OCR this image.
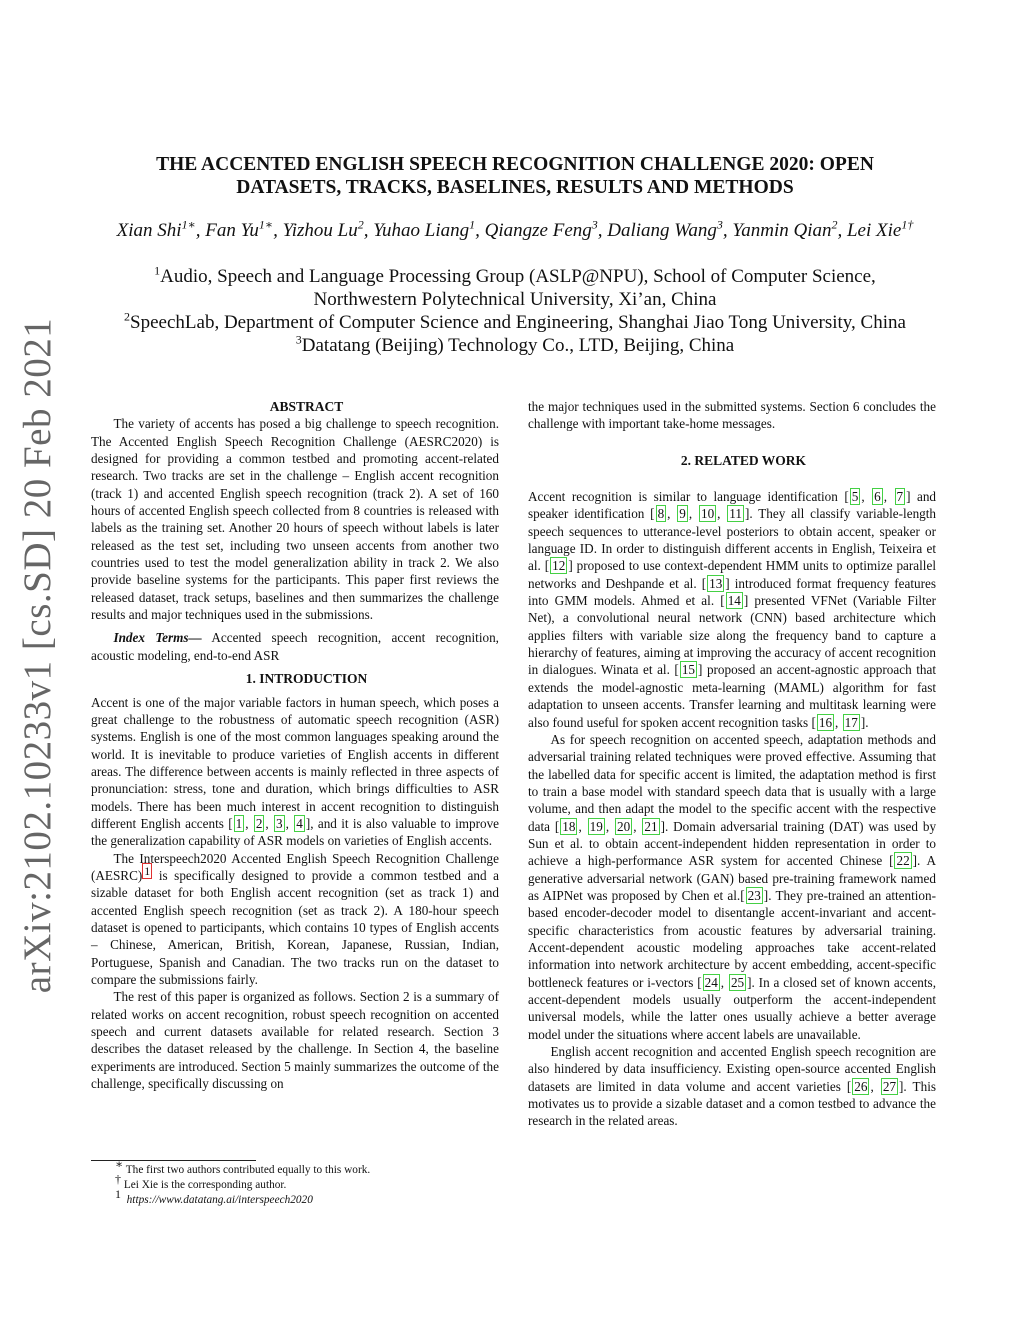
arXiv:2102.10233v1 [cs.SD] 20 Feb 2021
THE ACCENTED ENGLISH SPEECH RECOGNITION CHALLENGE 2020: OPEN
DATASETS, TRACKS, BASELINES, RESULTS AND METHODS
Xian Shi$^{1∗}$, Fan $Yu^{1∗}$, Yizhou Lu$^2$, Yuhao Liang$^1$, Qiangze Feng$^3$, Daliang Wang$^3$, Yanmin Qian$^2$, Lei Xie$^{1\dagger}$
$^1$Audio, Speech and Language Processing Group (ASLP@NPU), School of Computer Science,
Northwestern Polytechnical University, Xi’an, China
$^2$SpeechLab, Department of Computer Science and Engineering, Shanghai Jiao Tong University, China
$^3$Datatang (Beijing) Technology Co., LTD, Beijing, China

ABSTRACT

The variety of accents has posed a big challenge to speech recognition. The Accented English Speech Recognition Challenge (AESRC2020) is designed for providing a common testbed and promoting accent-related research. Two tracks are set in the challenge – English accent recognition (track 1) and accented English speech recognition (track 2). A set of 160 hours of accented English speech collected from 8 countries is released with labels as the training set. Another 20 hours of speech without labels is later released as the test set, including two unseen accents from another two countries used to test the model generalization ability in track 2. We also provide baseline systems for the participants. This paper first reviews the released dataset, track setups, baselines and then summarizes the challenge results and major techniques used in the submissions.

Index Terms— Accented speech recognition, accent recognition, acoustic modeling, end-to-end ASR

1. INTRODUCTION

Accent is one of the major variable factors in human speech, which poses a great challenge to the robustness of automatic speech recognition (ASR) systems. English is one of the most common languages speaking around the world. It is inevitable to produce varieties of English accents in different areas. The difference between accents is mainly reflected in three aspects of pronunciation: stress, tone and duration, which brings difficulties to ASR models. There has been much interest in accent recognition to distinguish different English accents [ 1 , 2 , 3 , 4 ], and it is also valuable to improve the generalization capability of ASR models on varieties of English accents.

The Interspeech2020 Accented English Speech Recognition Challenge (AESRC) $^1$ is specifically designed to provide a common testbed and a sizable dataset for both English accent recognition (set as track 1) and accented English speech recognition (set as track 2). A 180-hour speech dataset is opened to participants, which contains 10 types of English accents – Chinese, American, British, Korean, Japanese, Russian, Indian, Portuguese, Spanish and Canadian. The two tracks run on the dataset to compare the submissions fairly.

The rest of this paper is organized as follows. Section 2 is a summary of related works on accent recognition, robust speech recognition on accented speech and current datasets available for related research. Section 3 describes the dataset released by the challenge. In Section 4, the baseline experiments are introduced. Section 5 mainly summarizes the outcome of the challenge, specifically discussing on

the major techniques used in the submitted systems. Section 6 concludes the challenge with important take-home messages.

2. RELATED WORK

Accent recognition is similar to language identification [ 5 , 6 , 7 ] and speaker identification [ 8 , 9 , 10 , 11 ]. They all classify variable-length speech sequences to utterance-level posteriors to obtain accent, speaker or language ID. In order to distinguish different accents in English, Teixeira et al. [ 12 ] proposed to use context-dependent HMM units to optimize parallel networks and Deshpande et al. [ 13 ] introduced format frequency features into GMM models. Ahmed et al. [ 14 ] presented VFNet (Variable Filter Net), a convolutional neural network (CNN) based architecture which applies filters with variable size along the frequency band to capture a hierarchy of features, aiming at improving the accuracy of accent recognition in dialogues. Winata et al. [ 15 ] proposed an accent-agnostic approach that extends the model-agnostic meta-learning (MAML) algorithm for fast adaptation to unseen accents. Transfer learning and multitask learning were also found useful for spoken accent recognition tasks [ 16 , 17 ].

As for speech recognition on accented speech, adaptation methods and adversarial training related techniques were proved effective. Assuming that the labelled data for specific accent is limited, the adaptation method is first to train a base model with standard speech data that is usually with a large volume, and then adapt the model to the specific accent with the respective data [ 18 , 19 , 20 , 21 ]. Domain adversarial training (DAT) was used by Sun et al. to obtain accent-independent hidden representation in order to achieve a high-performance ASR system for accented Chinese [ 22 ]. A generative adversarial network (GAN) based pre-training framework named as AIPNet was proposed by Chen et al.[ 23 ]. They pre-trained an attention-based encoder-decoder model to disentangle accent-invariant and accent-specific characteristics from acoustic features by adversarial training. Accent-dependent acoustic modeling approaches take accent-related information into network architecture by accent embedding, accent-specific bottleneck features or i-vectors [ 24 , 25 ]. In a closed set of known accents, accent-dependent models usually outperform the accent-independent universal models, while the latter ones usually achieve a better average model under the situations where accent labels are unavailable.

English accent recognition and accented English speech recognition are also hindered by data insufficiency. Existing open-source accented English datasets are limited in data volume and accent varieties [ 26 , 27 ]. This motivates us to provide a sizable dataset and a comon testbed to advance the research in the related areas.

∗ The first two authors contributed equally to this work.
† Lei Xie is the corresponding author.
$^1$ https://www.datatang.ai/interspeech2020
